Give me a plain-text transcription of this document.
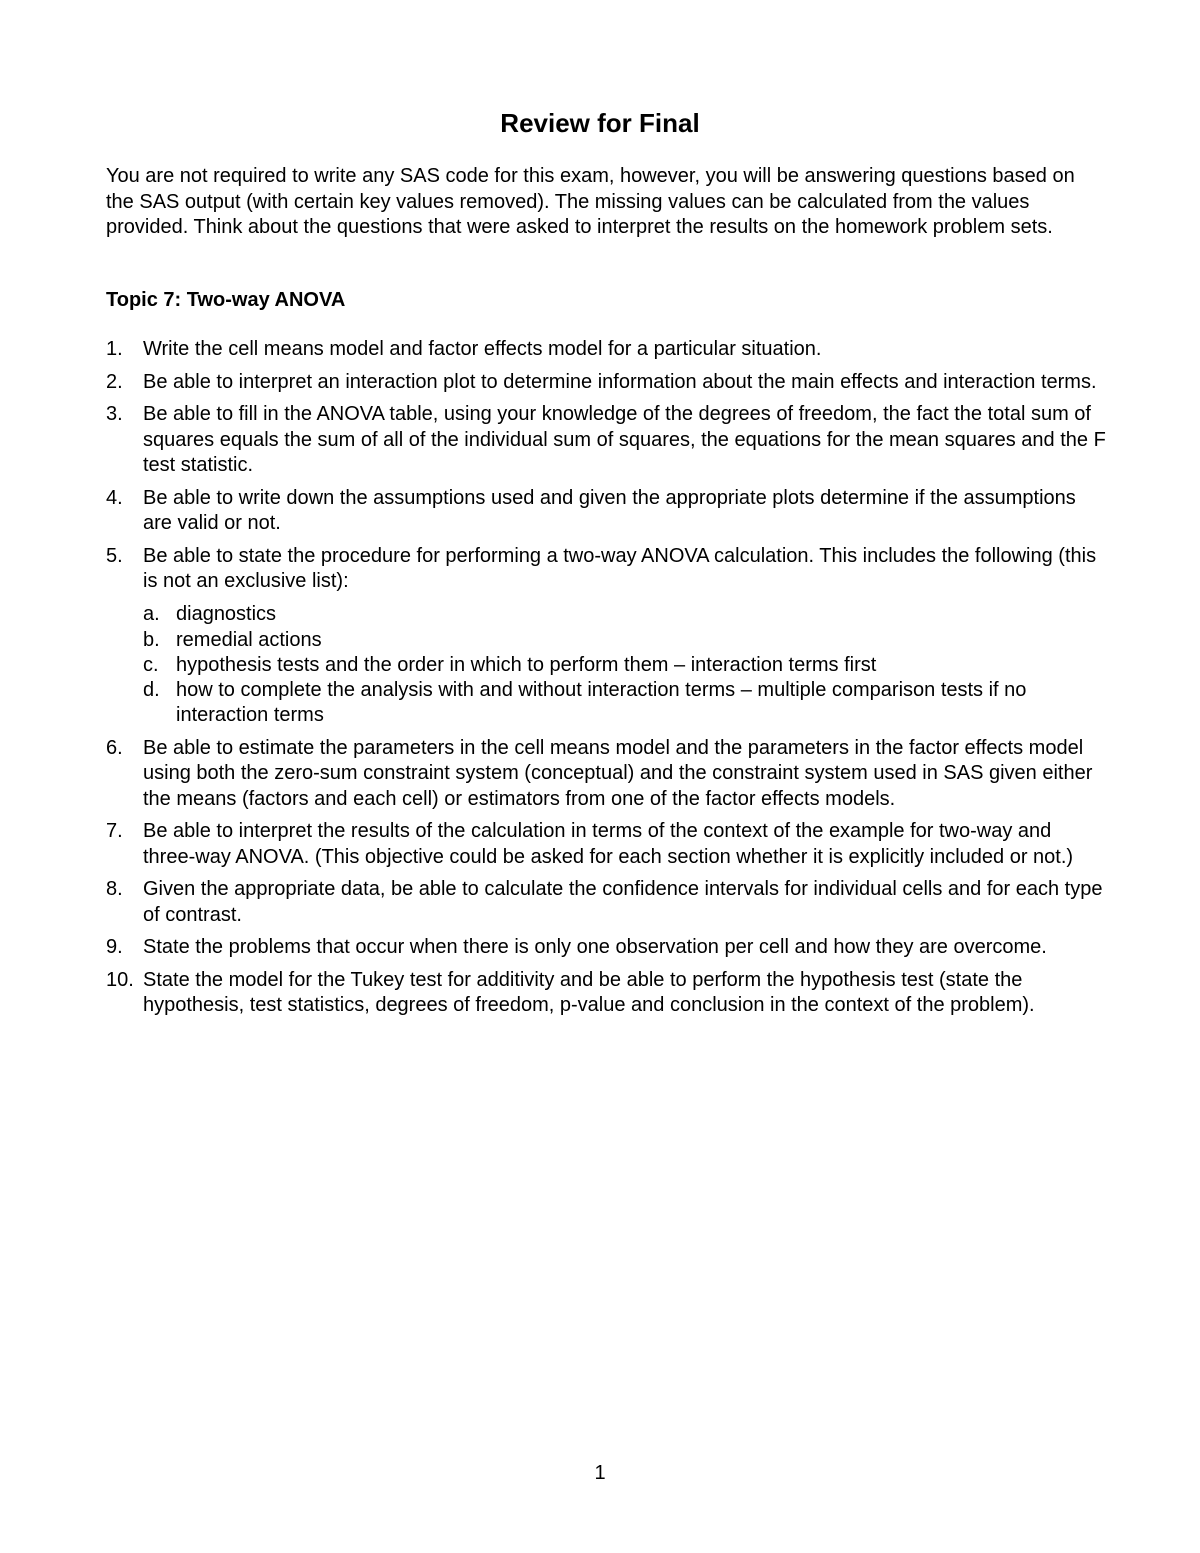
Review for Final
You are not required to write any SAS code for this exam, however, you will be answering questions based on the SAS output (with certain key values removed). The missing values can be calculated from the values provided. Think about the questions that were asked to interpret the results on the homework problem sets.
Topic 7: Two-way ANOVA
1.	Write the cell means model and factor effects model for a particular situation.
2.	Be able to interpret an interaction plot to determine information about the main effects and interaction terms.
3.	Be able to fill in the ANOVA table, using your knowledge of the degrees of freedom, the fact the total sum of squares equals the sum of all of the individual sum of squares, the equations for the mean squares and the F test statistic.
4.	Be able to write down the assumptions used and given the appropriate plots determine if the assumptions are valid or not.
5.	Be able to state the procedure for performing a two-way ANOVA calculation. This includes the following (this is not an exclusive list):
a. diagnostics
b. remedial actions
c. hypothesis tests and the order in which to perform them – interaction terms first
d. how to complete the analysis with and without interaction terms – multiple comparison tests if no interaction terms
6.	Be able to estimate the parameters in the cell means model and the parameters in the factor effects model using both the zero-sum constraint system (conceptual) and the constraint system used in SAS given either the means (factors and each cell) or estimators from one of the factor effects models.
7.	Be able to interpret the results of the calculation in terms of the context of the example for two-way and three-way ANOVA. (This objective could be asked for each section whether it is explicitly included or not.)
8.	Given the appropriate data, be able to calculate the confidence intervals for individual cells and for each type of contrast.
9.	State the problems that occur when there is only one observation per cell and how they are overcome.
10. State the model for the Tukey test for additivity and be able to perform the hypothesis test (state the hypothesis, test statistics, degrees of freedom, p-value and conclusion in the context of the problem).
1
